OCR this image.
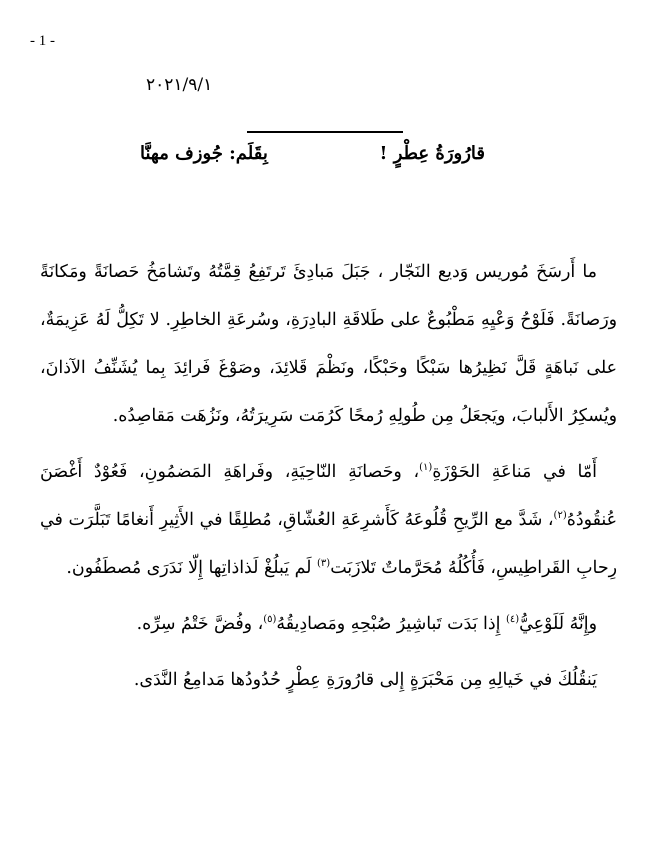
- 1 -
٢٠٢١/٩/١
قارُورَةُ عِطْرٍ !
بِقَلَم: جُوزف مهنَّا

ما أَرسَخَ مُوريس وَديع النَجّار ، جَبَلَ مَبادِئَ تَرتَفِعُ قِمَّتُهُ وتَشامَخُ حَصانَةً ومَكانَةً ورَصانَةً. فَلَوْحُ وَعْيِهِ مَطْبُوعٌ على طَلاقَةِ البادِرَةِ، وسُرعَةِ الخاطِرِ. لا تَكِلُّ لَهُ عَزِيمَةٌ، على نَباهَةٍ قَلَّ نَظِيرُها سَبْكًا وحَبْكًا، ونَظْمَ قَلائِدَ، وصَوْغَ فَرائِدَ بِما يُشَنِّفُ الآذانَ، ويُسكِرُ الأَلبابَ، ويَجعَلُ مِن طُولِهِ رُمحًا كَرُمَت سَرِيرَتُهُ، ونَزُهَت مَقاصِدُه.

أَمّا في مَناعَةِ الحَوْزَةِ$^{(١)}$، وحَصانَةِ النّاحِيَةِ، وفَراهَةِ المَضمُونِ، فَعُوْدٌ أَغْصَنَ عُنقُودُهُ$^{(٢)}$، شَدَّ مع الرِّيحِ قُلُوعَهُ كَأَشرِعَةِ العُشّاقِ، مُطلِقًا في الأَثِيرِ أَنغامًا تَبَلَّرَت في رِحابِ القَراطِيسِ، فَأُكُلُهُ مُحَرَّماتٌ تَلازَبَت$^{(٣)}$ لَم يَبلُغْ لَذاذاتِها إِلّا نَدَرَى مُصطَفُون.

وإِنَّهُ لَلَوْعِيُّ$^{(٤)}$ إِذا بَدَت تَباشِيرُ صُبْحِهِ ومَصادِيقُهُ$^{(٥)}$، وفُضَّ خَتْمُ سِرِّه.

يَنقُلُكَ في خَيالِهِ مِن مَحْبَرَةٍ إِلى قارُورَةِ عِطْرٍ حُدُودُها مَدامِعُ النَّدَى.
